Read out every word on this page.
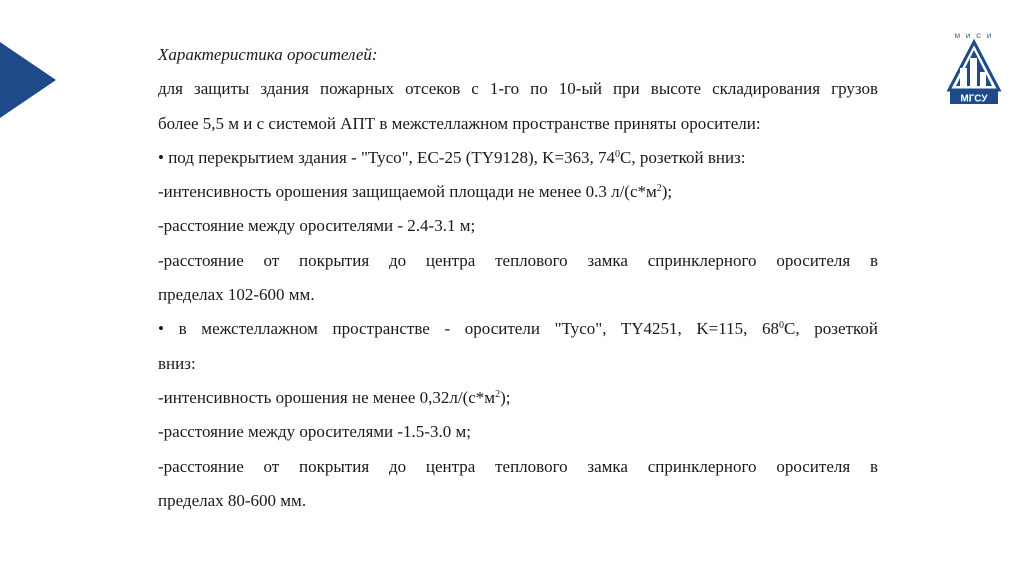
М И С И
МГСУ
Характеристика оросителей:
для защиты здания пожарных отсеков с 1-го по 10-ый при высоте складирования грузов
более 5,5 м и с системой АПТ в межстеллажном пространстве приняты оросители:
• под перекрытием здания - "Tyco", EC-25 (TY9128), K=363, $74^0C$, розеткой вниз:
-интенсивность орошения защищаемой площади не менее 0.3 $л/(с*м^2)$;
-расстояние между оросителями - 2.4-3.1 м;
-расстояние от покрытия до центра теплового замка спринклерного оросителя в
пределах 102-600 мм.
• в межстеллажном пространстве - оросители "Tyco", TY4251, K=115, $68^0C$, розеткой
вниз:
-интенсивность орошения не менее $0,32л/(с*м^2)$;
-расстояние между оросителями -1.5-3.0 м;
-расстояние от покрытия до центра теплового замка спринклерного оросителя в
пределах 80-600 мм.
